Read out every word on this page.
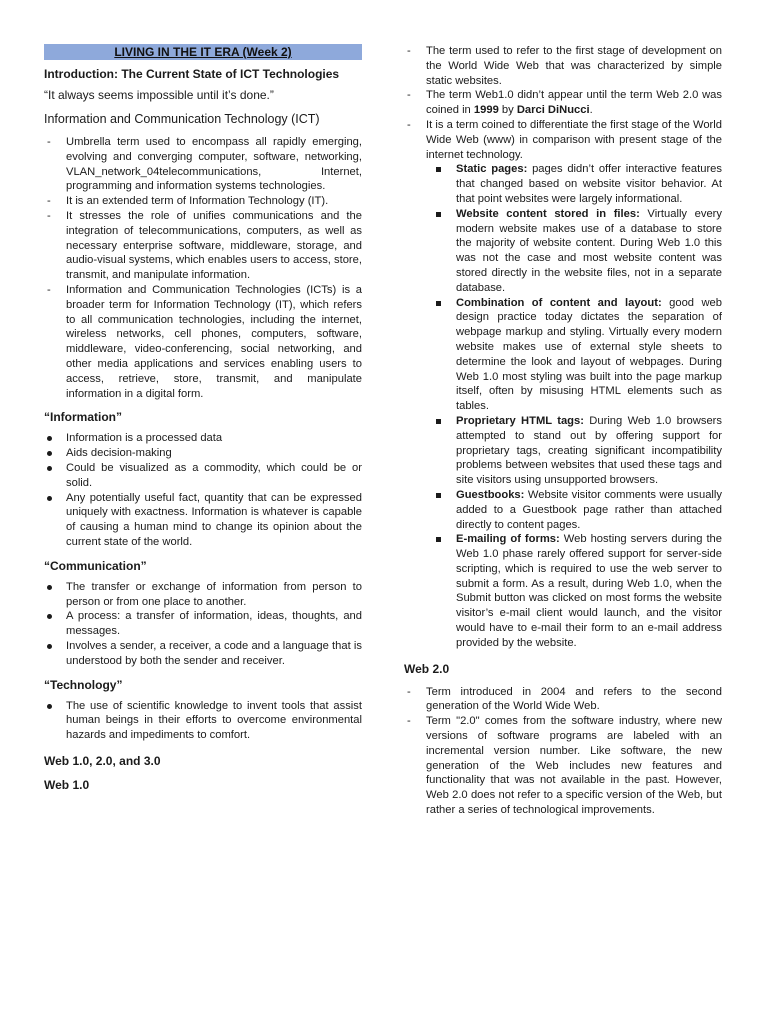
LIVING IN THE IT ERA (Week 2)
Introduction: The Current State of ICT Technologies
“It always seems impossible until it’s done.”
Information and Communication Technology (ICT)
- Umbrella term used to encompass all rapidly emerging, evolving and converging computer, software, networking, VLAN_network_04telecommunications, Internet, programming and information systems technologies.
- It is an extended term of Information Technology (IT).
- It stresses the role of unifies communications and the integration of telecommunications, computers, as well as necessary enterprise software, middleware, storage, and audio-visual systems, which enables users to access, store, transmit, and manipulate information.
- Information and Communication Technologies (ICTs) is a broader term for Information Technology (IT), which refers to all communication technologies, including the internet, wireless networks, cell phones, computers, software, middleware, video-conferencing, social networking, and other media applications and services enabling users to access, retrieve, store, transmit, and manipulate information in a digital form.
“Information”
Information is a processed data
Aids decision-making
Could be visualized as a commodity, which could be or solid.
Any potentially useful fact, quantity that can be expressed uniquely with exactness. Information is whatever is capable of causing a human mind to change its opinion about the current state of the world.
“Communication”
The transfer or exchange of information from person to person or from one place to another.
A process: a transfer of information, ideas, thoughts, and messages.
Involves a sender, a receiver, a code and a language that is understood by both the sender and receiver.
“Technology”
The use of scientific knowledge to invent tools that assist human beings in their efforts to overcome environmental hazards and impediments to comfort.
Web 1.0, 2.0, and 3.0
Web 1.0
- The term used to refer to the first stage of development on the World Wide Web that was characterized by simple static websites.
- The term Web1.0 didn’t appear until the term Web 2.0 was coined in 1999 by Darci DiNucci.
- It is a term coined to differentiate the first stage of the World Wide Web (www) in comparison with present stage of the internet technology.
Static pages: pages didn’t offer interactive features that changed based on website visitor behavior. At that point websites were largely informational.
Website content stored in files: Virtually every modern website makes use of a database to store the majority of website content. During Web 1.0 this was not the case and most website content was stored directly in the website files, not in a separate database.
Combination of content and layout: good web design practice today dictates the separation of webpage markup and styling. Virtually every modern website makes use of external style sheets to determine the look and layout of webpages. During Web 1.0 most styling was built into the page markup itself, often by misusing HTML elements such as tables.
Proprietary HTML tags: During Web 1.0 browsers attempted to stand out by offering support for proprietary tags, creating significant incompatibility problems between websites that used these tags and site visitors using unsupported browsers.
Guestbooks: Website visitor comments were usually added to a Guestbook page rather than attached directly to content pages.
E-mailing of forms: Web hosting servers during the Web 1.0 phase rarely offered support for server-side scripting, which is required to use the web server to submit a form. As a result, during Web 1.0, when the Submit button was clicked on most forms the website visitor’s e-mail client would launch, and the visitor would have to e-mail their form to an e-mail address provided by the website.
Web 2.0
- Term introduced in 2004 and refers to the second generation of the World Wide Web.
- Term "2.0" comes from the software industry, where new versions of software programs are labeled with an incremental version number. Like software, the new generation of the Web includes new features and functionality that was not available in the past. However, Web 2.0 does not refer to a specific version of the Web, but rather a series of technological improvements.
